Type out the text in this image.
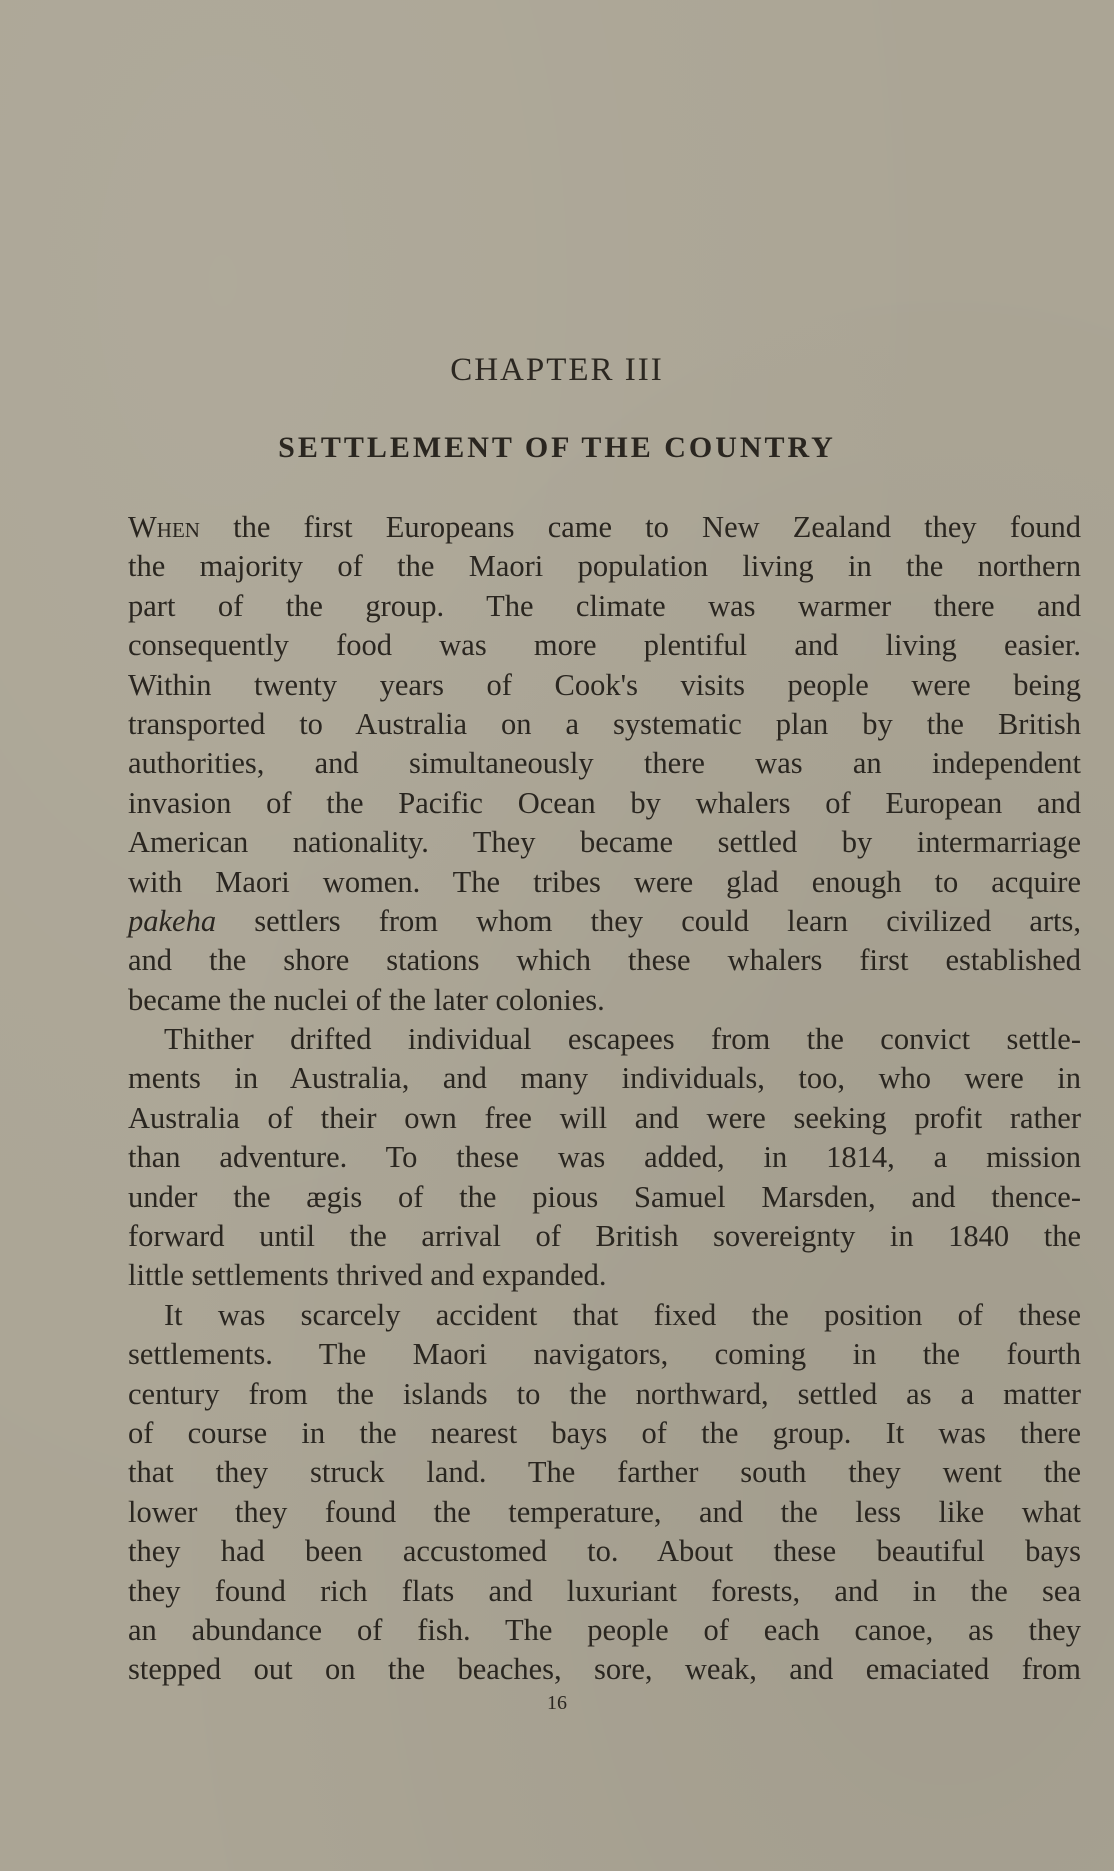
CHAPTER III
SETTLEMENT OF THE COUNTRY
When the first Europeans came to New Zealand they found
the majority of the Maori population living in the northern
part of the group. The climate was warmer there and
consequently food was more plentiful and living easier.
Within twenty years of Cook's visits people were being
transported to Australia on a systematic plan by the British
authorities, and simultaneously there was an independent
invasion of the Pacific Ocean by whalers of European and
American nationality. They became settled by intermarriage
with Maori women. The tribes were glad enough to acquire
pakeha settlers from whom they could learn civilized arts,
and the shore stations which these whalers first established
became the nuclei of the later colonies.
Thither drifted individual escapees from the convict settle-
ments in Australia, and many individuals, too, who were in
Australia of their own free will and were seeking profit rather
than adventure. To these was added, in 1814, a mission
under the ægis of the pious Samuel Marsden, and thence-
forward until the arrival of British sovereignty in 1840 the
little settlements thrived and expanded.
It was scarcely accident that fixed the position of these
settlements. The Maori navigators, coming in the fourth
century from the islands to the northward, settled as a matter
of course in the nearest bays of the group. It was there
that they struck land. The farther south they went the
lower they found the temperature, and the less like what
they had been accustomed to. About these beautiful bays
they found rich flats and luxuriant forests, and in the sea
an abundance of fish. The people of each canoe, as they
stepped out on the beaches, sore, weak, and emaciated from
16
